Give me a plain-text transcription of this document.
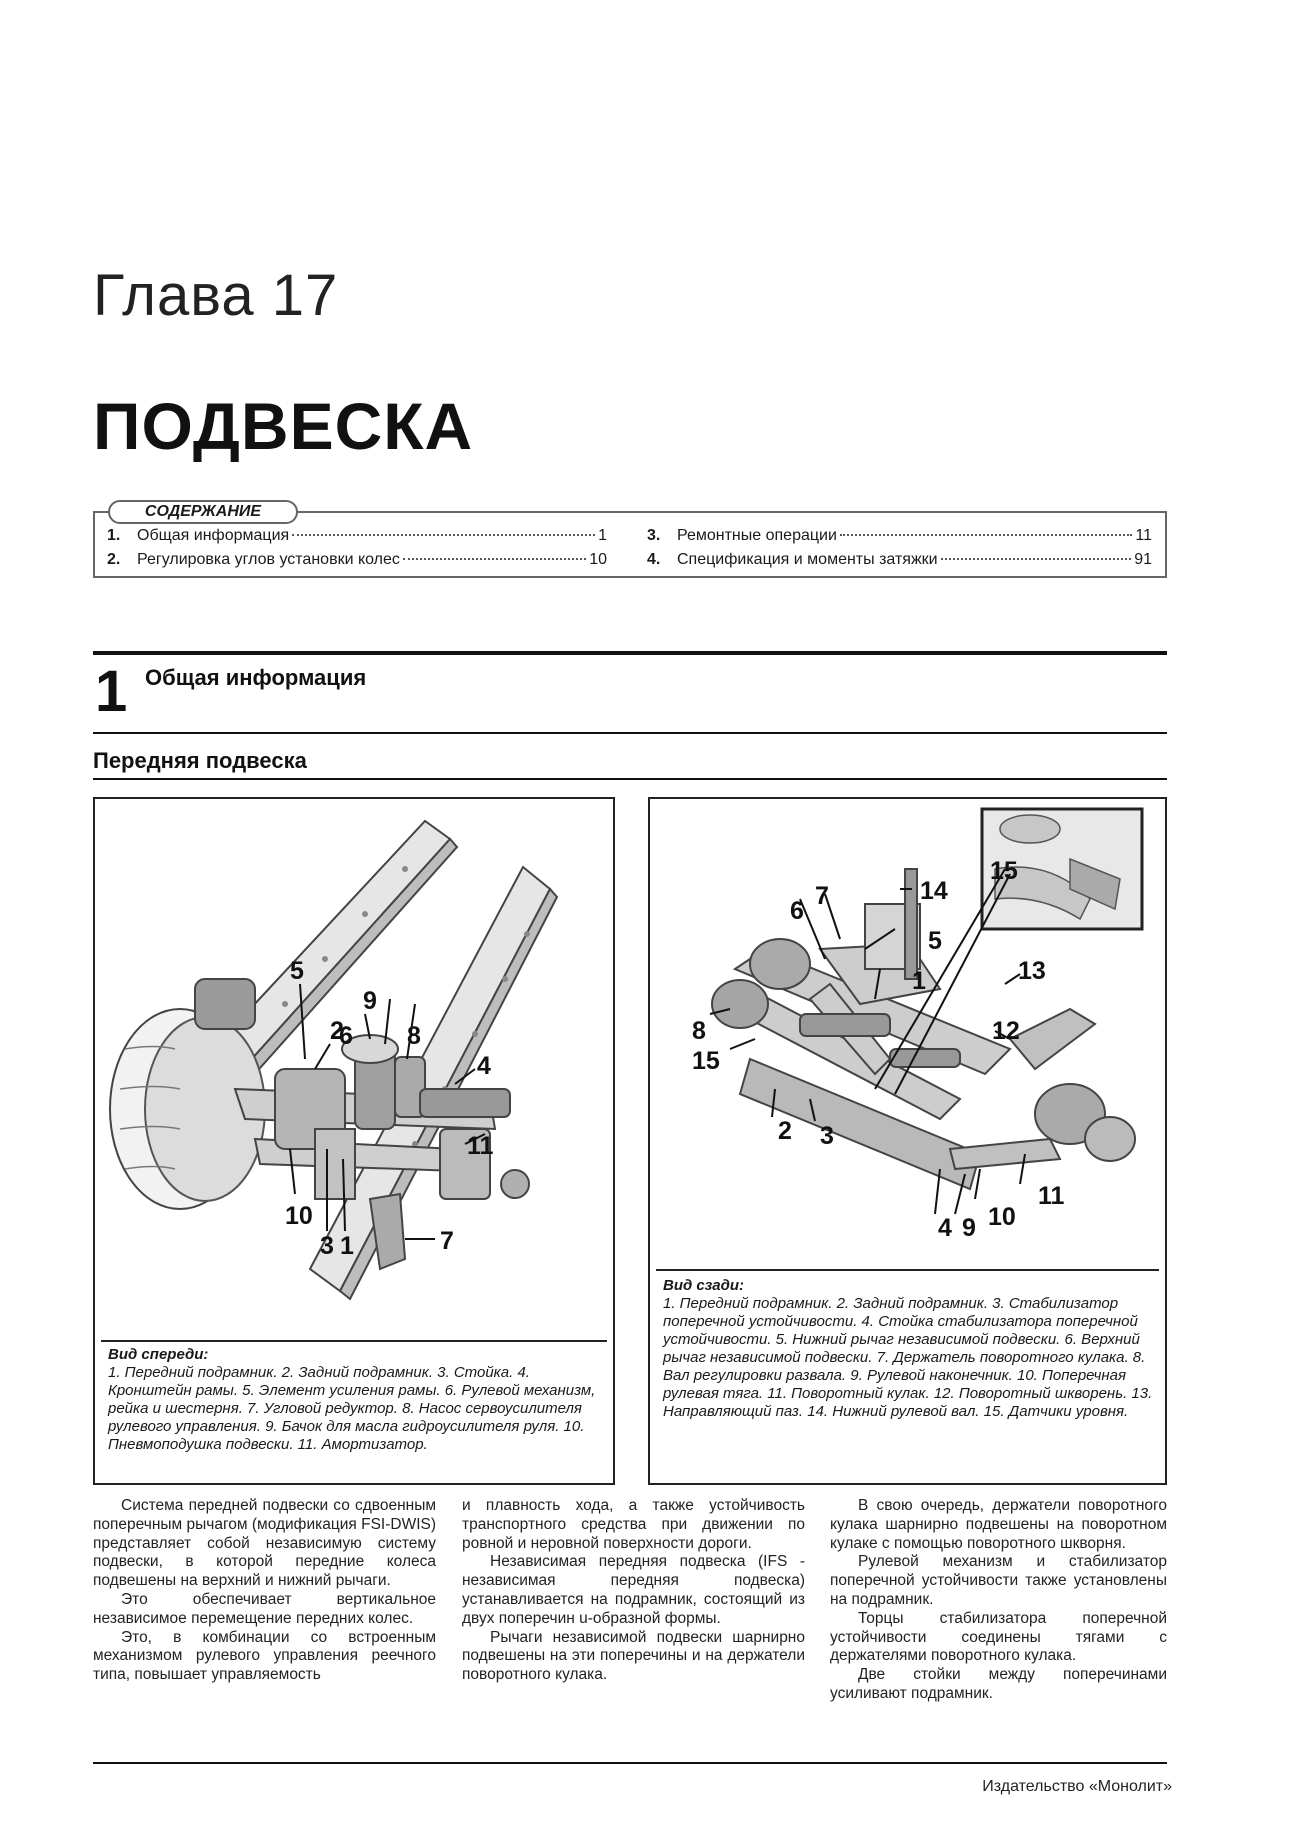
Глава 17
ПОДВЕСКА
1.	Общая информация	1
2.	Регулировка углов установки колес	10
3.	Ремонтные операции	11
4.	Спецификация и моменты затяжки	91
СОДЕРЖАНИЕ
1 Общая информация
Передняя подвеска
5
2
9
6 8
4
11
7
10
3 1
Вид спереди:
1. Передний подрамник. 2. Задний подрамник. 3. Стойка. 4. Кронштейн рамы. 5. Элемент усиления рамы. 6. Рулевой механизм, рейка и шестерня. 7. Угловой редуктор. 8. Насос сервоусилителя рулевого управления. 9. Бачок для масла гидроусилителя руля. 10. Пневмоподушка подвески. 11. Амортизатор.
15
7
6
14
5
1	13
12
8
15
2 3
4 9 10
11
Вид сзади:
1. Передний подрамник. 2. Задний подрамник. 3. Стабилизатор поперечной устойчивости. 4. Стойка стабилизатора поперечной устойчивости. 5. Нижний рычаг независимой подвески. 6. Верхний рычаг независимой подвески. 7. Держатель поворотного кулака. 8. Вал регулировки развала. 9. Рулевой наконечник. 10. Поперечная рулевая тяга. 11. Поворотный кулак. 12. Поворотный шкворень. 13. Направляющий паз. 14. Нижний рулевой вал. 15. Датчики уровня.

Система передней подвески со сдвоенным поперечным рычагом (модификация FSI-DWIS) представляет собой независимую систему подвески, в которой передние колеса подвешены на верхний и нижний рычаги.

Это обеспечивает вертикальное независимое перемещение передних колес.

Это, в комбинации со встроенным механизмом рулевого управления реечного типа, повышает управляемость

и плавность хода, а также устойчивость транспортного средства при движении по ровной и неровной поверхности дороги.

Независимая передняя подвеска (IFS - независимая передняя подвеска) устанавливается на подрамник, состоящий из двух поперечин u-образной формы.

Рычаги независимой подвески шарнирно подвешены на эти поперечины и на держатели поворотного кулака.

В свою очередь, держатели поворотного кулака шарнирно подвешены на поворотном кулаке с помощью поворотного шкворня.

Рулевой механизм и стабилизатор поперечной устойчивости также установлены на подрамник.

Торцы стабилизатора поперечной устойчивости соединены тягами с держателями поворотного кулака.

Две стойки между поперечинами усиливают подрамник.

Издательство «Монолит»
